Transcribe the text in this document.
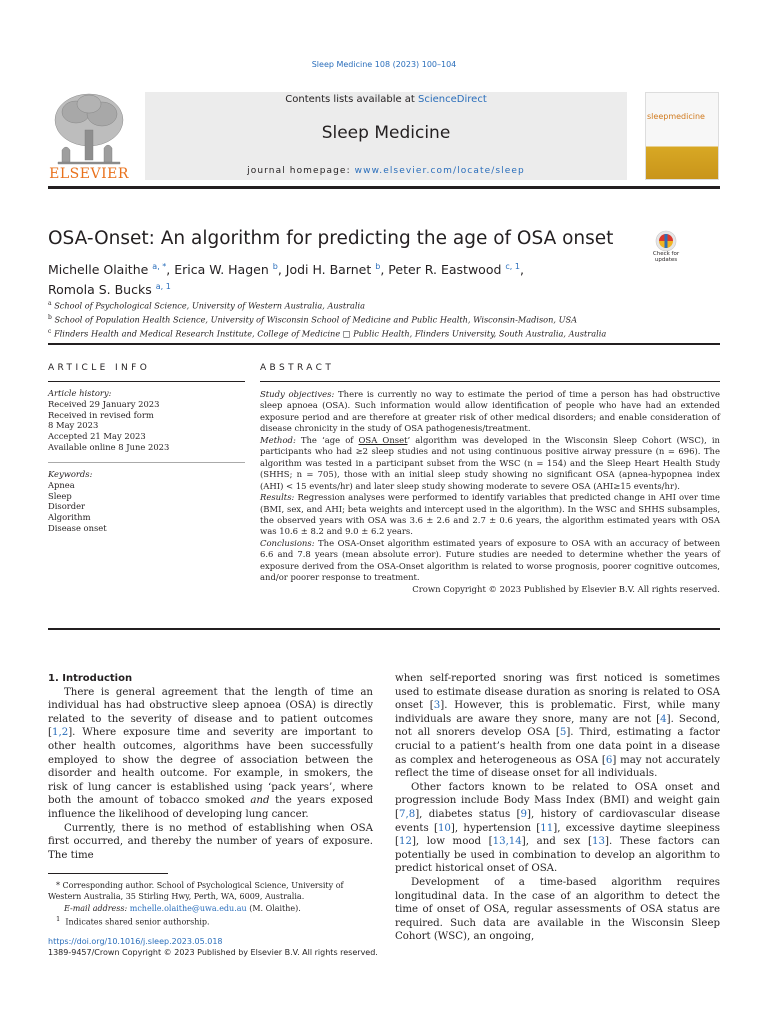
Sleep Medicine 108 (2023) 100–104
ELSEVIER
Contents lists available at ScienceDirect
Sleep Medicine
journal homepage: www.elsevier.com/locate/sleep
sleepmedicine
OSA-Onset: An algorithm for predicting the age of OSA onset
Check for updates
Michelle Olaithe $^{a, *}$, Erica W. Hagen $^b$, Jodi H. Barnet $^b$, Peter R. Eastwood $^{c, 1}$,
Romola S. Bucks $^{a, 1}$
$^a$ School of Psychological Science, University of Western Australia, Australia
$^b$ School of Population Health Science, University of Wisconsin School of Medicine and Public Health, Wisconsin-Madison, USA
$^c$ Flinders Health and Medical Research Institute, College of Medicine □ Public Health, Flinders University, South Australia, Australia
ARTICLE INFO
Article history:
Received 29 January 2023
Received in revised form
8 May 2023
Accepted 21 May 2023
Available online 8 June 2023
Keywords:
Apnea
Sleep
Disorder
Algorithm
Disease onset
ABSTRACT

Study objectives: There is currently no way to estimate the period of time a person has had obstructive sleep apnoea (OSA). Such information would allow identification of people who have had an extended exposure period and are therefore at greater risk of other medical disorders; and enable consideration of disease chronicity in the study of OSA pathogenesis/treatment.

Method: The ‘age of OSA Onset’ algorithm was developed in the Wisconsin Sleep Cohort (WSC), in participants who had ≥2 sleep studies and not using continuous positive airway pressure (n = 696). The algorithm was tested in a participant subset from the WSC (n = 154) and the Sleep Heart Health Study (SHHS; n = 705), those with an initial sleep study showing no significant OSA (apnea-hypopnea index (AHI) < 15 events/hr) and later sleep study showing moderate to severe OSA (AHI≥15 events/hr).

Results: Regression analyses were performed to identify variables that predicted change in AHI over time (BMI, sex, and AHI; beta weights and intercept used in the algorithm). In the WSC and SHHS subsamples, the observed years with OSA was 3.6 ± 2.6 and 2.7 ± 0.6 years, the algorithm estimated years with OSA was 10.6 ± 8.2 and 9.0 ± 6.2 years.

Conclusions: The OSA-Onset algorithm estimated years of exposure to OSA with an accuracy of between 6.6 and 7.8 years (mean absolute error). Future studies are needed to determine whether the years of exposure derived from the OSA-Onset algorithm is related to worse prognosis, poorer cognitive outcomes, and/or poorer response to treatment.

Crown Copyright © 2023 Published by Elsevier B.V. All rights reserved.

1. Introduction

There is general agreement that the length of time an individual has had obstructive sleep apnoea (OSA) is directly related to the severity of disease and to patient outcomes [1,2]. Where exposure time and severity are important to other health outcomes, algorithms have been successfully employed to show the degree of association between the disorder and health outcome. For example, in smokers, the risk of lung cancer is established using ‘pack years’, where both the amount of tobacco smoked and the years exposed influence the likelihood of developing lung cancer.

Currently, there is no method of establishing when OSA first occurred, and thereby the number of years of exposure. The time

when self-reported snoring was first noticed is sometimes used to estimate disease duration as snoring is related to OSA onset [3]. However, this is problematic. First, while many individuals are aware they snore, many are not [4]. Second, not all snorers develop OSA [5]. Third, estimating a factor crucial to a patient’s health from one data point in a disease as complex and heterogeneous as OSA [6] may not accurately reflect the time of disease onset for all individuals.

Other factors known to be related to OSA onset and progression include Body Mass Index (BMI) and weight gain [7,8], diabetes status [9], history of cardiovascular disease events [10], hypertension [11], excessive daytime sleepiness [12], low mood [13,14], and sex [13]. These factors can potentially be used in combination to develop an algorithm to predict historical onset of OSA.

Development of a time-based algorithm requires longitudinal data. In the case of an algorithm to detect the time of onset of OSA, regular assessments of OSA status are required. Such data are available in the Wisconsin Sleep Cohort (WSC), an ongoing,

* Corresponding author. School of Psychological Science, University of Western Australia, 35 Stirling Hwy, Perth, WA, 6009, Australia.

E-mail address: mchelle.olaithe@uwa.edu.au (M. Olaithe).

$^1$ Indicates shared senior authorship.

https://doi.org/10.1016/j.sleep.2023.05.018
1389-9457/Crown Copyright © 2023 Published by Elsevier B.V. All rights reserved.
